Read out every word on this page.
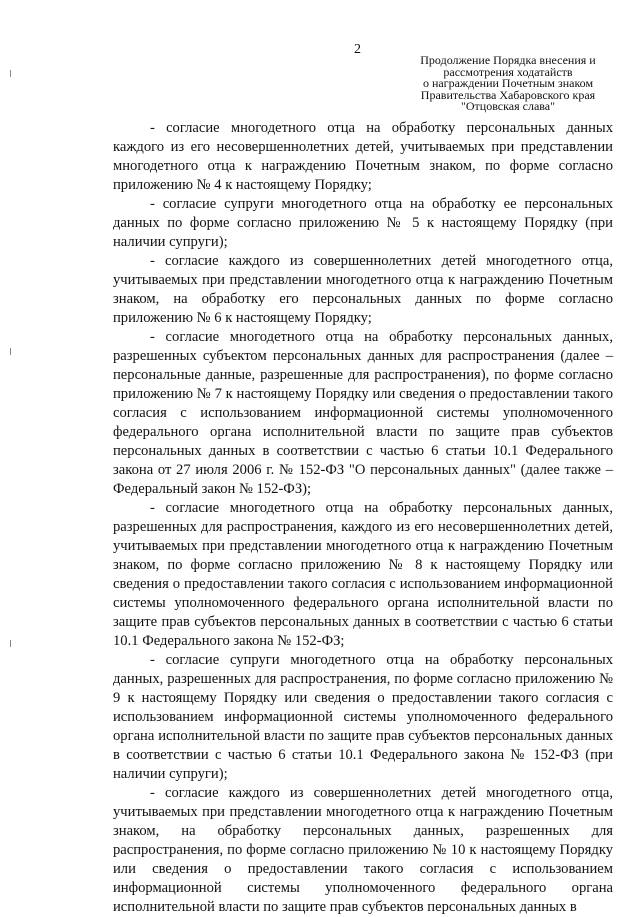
2
Продолжение Порядка внесения и
рассмотрения ходатайств
о награждении Почетным знаком
Правительства Хабаровского края
"Отцовская слава"

- согласие многодетного отца на обработку персональных данных каждого из его несовершеннолетних детей, учитываемых при представлении многодетного отца к награждению Почетным знаком, по форме согласно приложению № 4 к настоящему Порядку;

- согласие супруги многодетного отца на обработку ее персональных данных по форме согласно приложению № 5 к настоящему Порядку (при наличии супруги);

- согласие каждого из совершеннолетних детей многодетного отца, учитываемых при представлении многодетного отца к награждению Почетным знаком, на обработку его персональных данных по форме согласно приложению № 6 к настоящему Порядку;

- согласие многодетного отца на обработку персональных данных, разрешенных субъектом персональных данных для распространения (далее – персональные данные, разрешенные для распространения), по форме согласно приложению № 7 к настоящему Порядку или сведения о предоставлении такого согласия с использованием информационной системы уполномоченного федерального органа исполнительной власти по защите прав субъектов персональных данных в соответствии с частью 6 статьи 10.1 Федерального закона от 27 июля 2006 г. № 152-ФЗ "О персональных данных" (далее также – Федеральный закон № 152-ФЗ);

- согласие многодетного отца на обработку персональных данных, разрешенных для распространения, каждого из его несовершеннолетних детей, учитываемых при представлении многодетного отца к награждению Почетным знаком, по форме согласно приложению № 8 к настоящему Порядку или сведения о предоставлении такого согласия с использованием информационной системы уполномоченного федерального органа исполнительной власти по защите прав субъектов персональных данных в соответствии с частью 6 статьи 10.1 Федерального закона № 152-ФЗ;

- согласие супруги многодетного отца на обработку персональных данных, разрешенных для распространения, по форме согласно приложению № 9 к настоящему Порядку или сведения о предоставлении такого согласия с использованием информационной системы уполномоченного федерального органа исполнительной власти по защите прав субъектов персональных данных в соответствии с частью 6 статьи 10.1 Федерального закона № 152-ФЗ (при наличии супруги);

- согласие каждого из совершеннолетних детей многодетного отца, учитываемых при представлении многодетного отца к награждению Почетным знаком, на обработку персональных данных, разрешенных для распространения, по форме согласно приложению № 10 к настоящему Порядку или сведения о предоставлении такого согласия с использованием информационной системы уполномоченного федерального органа исполнительной власти по защите прав субъектов персональных данных в
